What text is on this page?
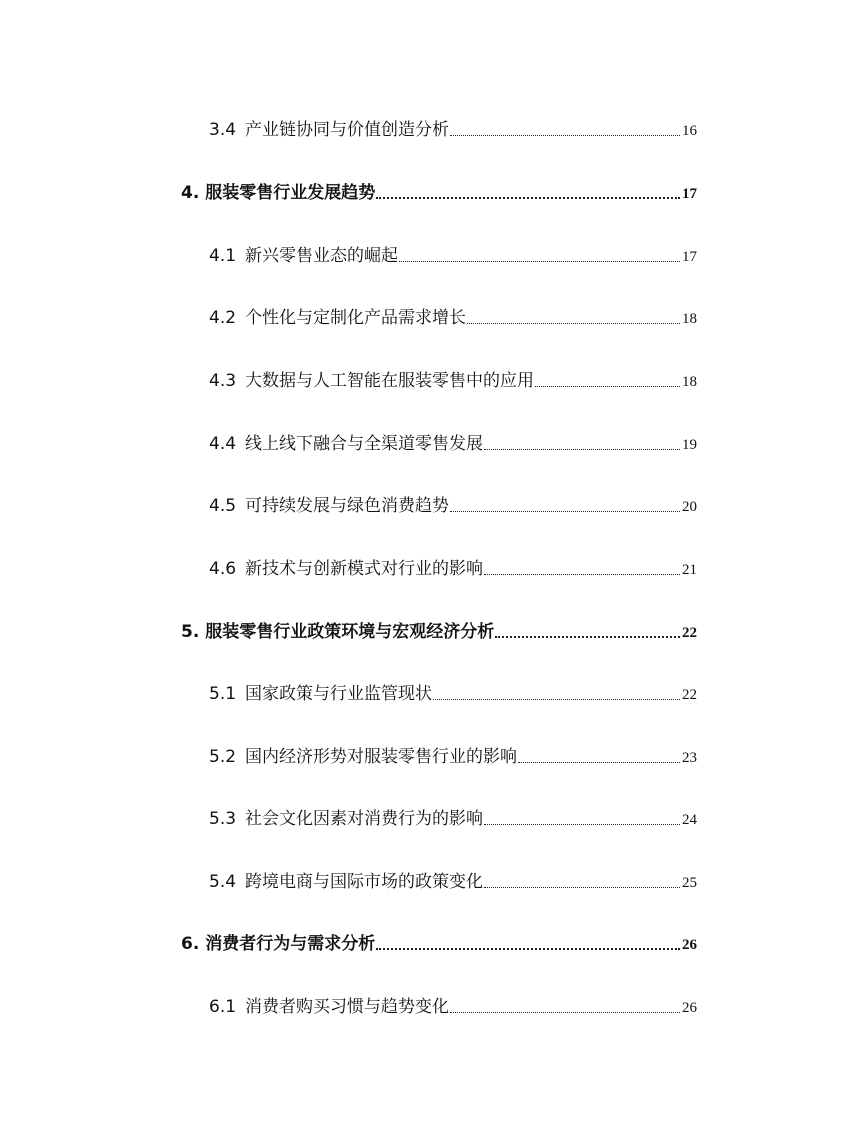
3.4 产业链协同与价值创造分析	16
4. 服装零售行业发展趋势	17
4.1 新兴零售业态的崛起	17
4.2 个性化与定制化产品需求增长	18
4.3 大数据与人工智能在服装零售中的应用	18
4.4 线上线下融合与全渠道零售发展	19
4.5 可持续发展与绿色消费趋势	20
4.6 新技术与创新模式对行业的影响	21
5. 服装零售行业政策环境与宏观经济分析	22
5.1 国家政策与行业监管现状	22
5.2 国内经济形势对服装零售行业的影响	23
5.3 社会文化因素对消费行为的影响	24
5.4 跨境电商与国际市场的政策变化	25
6. 消费者行为与需求分析	26
6.1 消费者购买习惯与趋势变化	26
